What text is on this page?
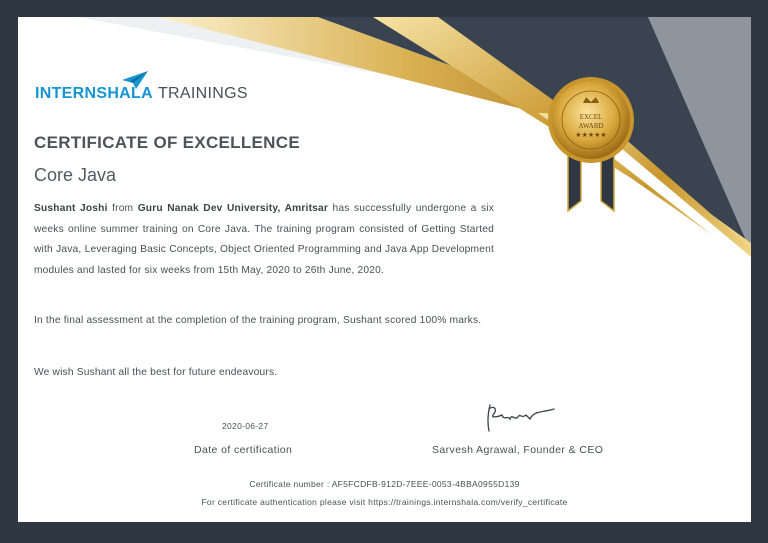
INTERNSHALA TRAININGS
CERTIFICATE OF EXCELLENCE
Core Java
Sushant Joshi from Guru Nanak Dev University, Amritsar has successfully undergone a six weeks online summer training on Core Java. The training program consisted of Getting Started with Java, Leveraging Basic Concepts, Object Oriented Programming and Java App Development modules and lasted for six weeks from 15th May, 2020 to 26th June, 2020.
In the final assessment at the completion of the training program, Sushant scored 100% marks.
We wish Sushant all the best for future endeavours.
2020-06-27
Date of certification	Sarvesh Agrawal, Founder & CEO
Certificate number : AF5FCDFB-912D-7EEE-0053-4BBA0955D139
For certificate authentication please visit https://trainings.internshala.com/verify_certificate
EXCEL
AWARD
★★★★★
